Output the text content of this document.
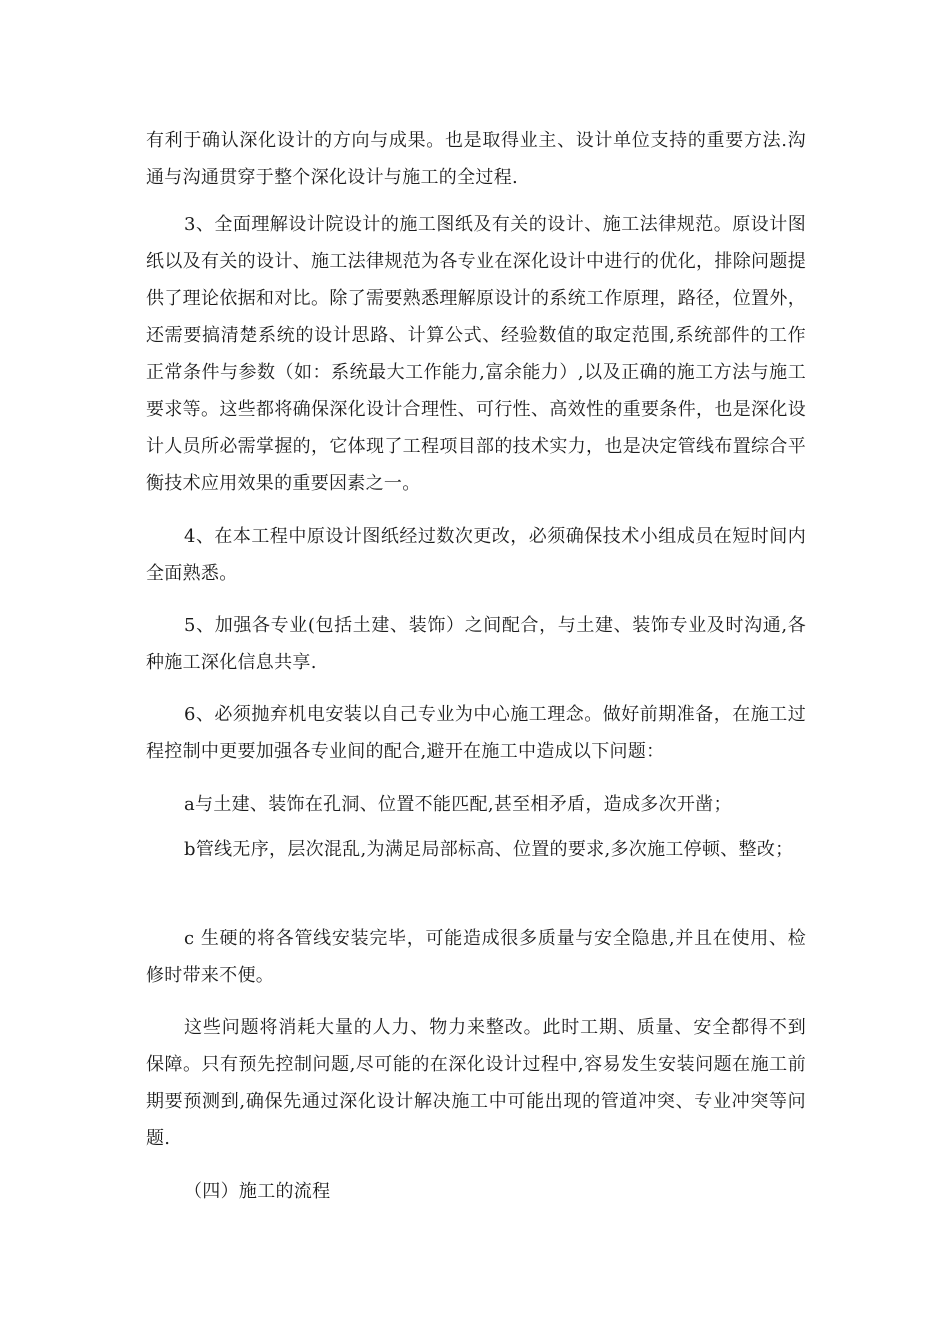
有利于确认深化设计的方向与成果。也是取得业主、设计单位支持的重要方法.沟通与沟通贯穿于整个深化设计与施工的全过程.

3、全面理解设计院设计的施工图纸及有关的设计、施工法律规范。原设计图纸以及有关的设计、施工法律规范为各专业在深化设计中进行的优化，排除问题提供了理论依据和对比。除了需要熟悉理解原设计的系统工作原理，路径，位置外，还需要搞清楚系统的设计思路、计算公式、经验数值的取定范围,系统部件的工作正常条件与参数（如：系统最大工作能力,富余能力）,以及正确的施工方法与施工要求等。这些都将确保深化设计合理性、可行性、高效性的重要条件，也是深化设计人员所必需掌握的，它体现了工程项目部的技术实力，也是决定管线布置综合平衡技术应用效果的重要因素之一。

4、在本工程中原设计图纸经过数次更改，必须确保技术小组成员在短时间内全面熟悉。

5、加强各专业(包括土建、装饰）之间配合，与土建、装饰专业及时沟通,各种施工深化信息共享.

6、必须抛弃机电安装以自己专业为中心施工理念。做好前期准备，在施工过程控制中更要加强各专业间的配合,避开在施工中造成以下问题：

a与土建、装饰在孔洞、位置不能匹配,甚至相矛盾，造成多次开凿；

b管线无序，层次混乱,为满足局部标高、位置的要求,多次施工停顿、整改；

c 生硬的将各管线安装完毕，可能造成很多质量与安全隐患,并且在使用、检修时带来不便。

这些问题将消耗大量的人力、物力来整改。此时工期、质量、安全都得不到保障。只有预先控制问题,尽可能的在深化设计过程中,容易发生安装问题在施工前期要预测到,确保先通过深化设计解决施工中可能出现的管道冲突、专业冲突等问题.

（四）施工的流程
